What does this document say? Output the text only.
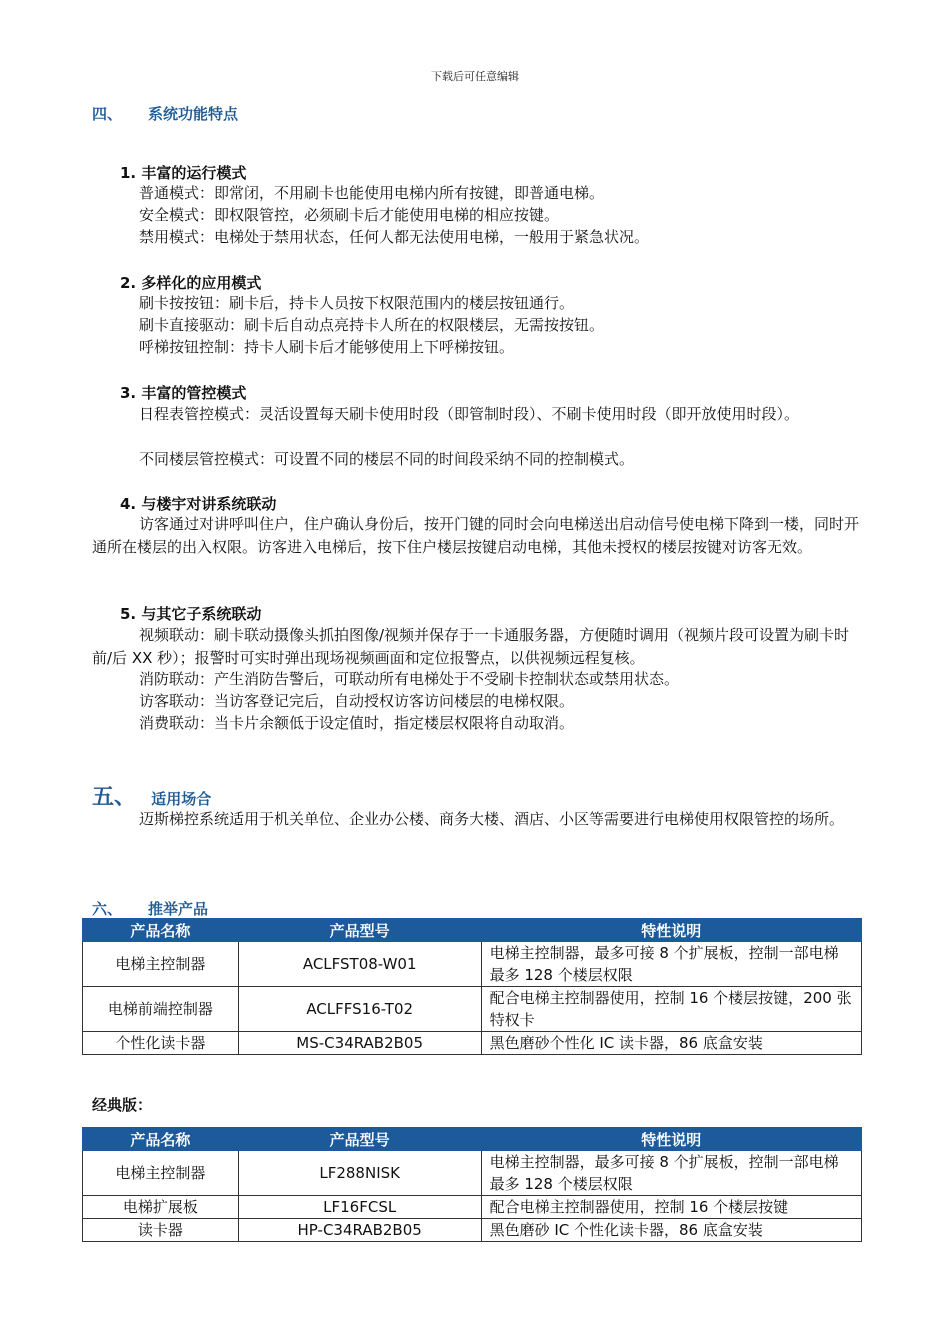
下载后可任意编辑
四、 系统功能特点
1. 丰富的运行模式
普通模式：即常闭，不用刷卡也能使用电梯内所有按键，即普通电梯。
安全模式：即权限管控，必须刷卡后才能使用电梯的相应按键。
禁用模式：电梯处于禁用状态，任何人都无法使用电梯，一般用于紧急状况。
2. 多样化的应用模式
刷卡按按钮：刷卡后，持卡人员按下权限范围内的楼层按钮通行。
刷卡直接驱动：刷卡后自动点亮持卡人所在的权限楼层，无需按按钮。
呼梯按钮控制：持卡人刷卡后才能够使用上下呼梯按钮。
3. 丰富的管控模式
日程表管控模式：灵活设置每天刷卡使用时段（即管制时段）、不刷卡使用时段（即开放使用时段）。
不同楼层管控模式：可设置不同的楼层不同的时间段采纳不同的控制模式。
4. 与楼宇对讲系统联动
访客通过对讲呼叫住户，住户确认身份后，按开门键的同时会向电梯送出启动信号使电梯下降到一楼，同时开通所在楼层的出入权限。访客进入电梯后，按下住户楼层按键启动电梯，其他未授权的楼层按键对访客无效。
5. 与其它子系统联动
视频联动：刷卡联动摄像头抓拍图像/视频并保存于一卡通服务器，方便随时调用（视频片段可设置为刷卡时前/后 XX 秒）；报警时可实时弹出现场视频画面和定位报警点，以供视频远程复核。
消防联动：产生消防告警后，可联动所有电梯处于不受刷卡控制状态或禁用状态。
访客联动：当访客登记完后，自动授权访客访问楼层的电梯权限。
消费联动：当卡片余额低于设定值时，指定楼层权限将自动取消。
五、 适用场合
迈斯梯控系统适用于机关单位、企业办公楼、商务大楼、酒店、小区等需要进行电梯使用权限管控的场所。
六、 推举产品
产品名称	产品型号	特性说明
电梯主控制器	ACLFST08-W01	电梯主控制器，最多可接 8 个扩展板，控制一部电梯最多 128 个楼层权限
电梯前端控制器	ACLFFS16-T02	配合电梯主控制器使用，控制 16 个楼层按键，200 张特权卡
个性化读卡器	MS-C34RAB2B05	黑色磨砂个性化 IC 读卡器，86 底盒安装
经典版：
产品名称	产品型号	特性说明
电梯主控制器	LF288NISK	电梯主控制器，最多可接 8 个扩展板，控制一部电梯最多 128 个楼层权限
电梯扩展板	LF16FCSL	配合电梯主控制器使用，控制 16 个楼层按键
读卡器	HP-C34RAB2B05	黑色磨砂 IC 个性化读卡器，86 底盒安装
